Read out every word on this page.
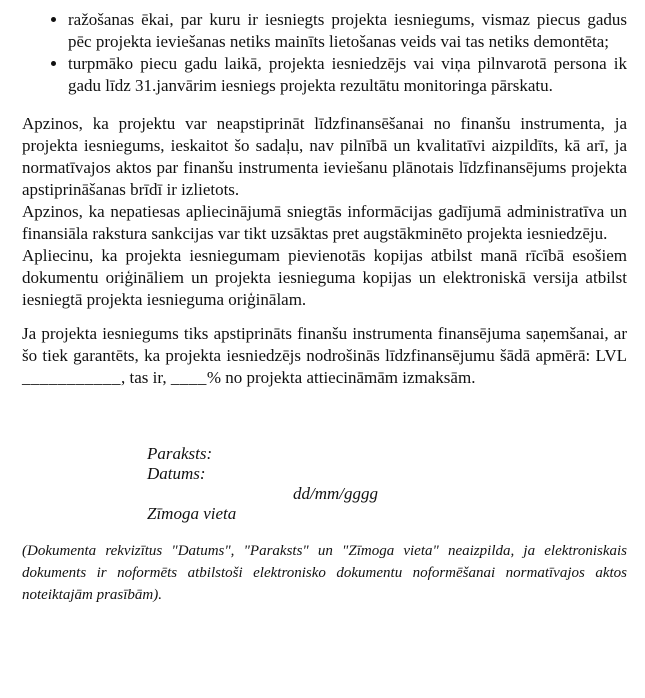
• ražošanas ēkai, par kuru ir iesniegts projekta iesniegums, vismaz piecus gadus pēc projekta ieviešanas netiks mainīts lietošanas veids vai tas netiks demontēta;
• turpmāko piecu gadu laikā, projekta iesniedzējs vai viņa pilnvarotā persona ik gadu līdz 31.janvārim iesniegs projekta rezultātu monitoringa pārskatu.

Apzinos, ka projektu var neapstiprināt līdzfinansēšanai no finanšu instrumenta, ja projekta iesniegums, ieskaitot šo sadaļu, nav pilnībā un kvalitatīvi aizpildīts, kā arī, ja normatīvajos aktos par finanšu instrumenta ieviešanu plānotais līdzfinansējums projekta apstiprināšanas brīdī ir izlietots.

Apzinos, ka nepatiesas apliecinājumā sniegtās informācijas gadījumā administratīva un finansiāla rakstura sankcijas var tikt uzsāktas pret augstākminēto projekta iesniedzēju.

Apliecinu, ka projekta iesniegumam pievienotās kopijas atbilst manā rīcībā esošiem dokumentu oriģināliem un projekta iesnieguma kopijas un elektroniskā versija atbilst iesniegtā projekta iesnieguma oriģinālam.

Ja projekta iesniegums tiks apstiprināts finanšu instrumenta finansējuma saņemšanai, ar šo tiek garantēts, ka projekta iesniedzējs nodrošinās līdzfinansējumu šādā apmērā: LVL ___________, tas ir, ____% no projekta attiecināmām izmaksām.

Paraksts:
Datums:
dd/mm/gggg
Zīmoga vieta

(Dokumenta rekvizītus "Datums", "Paraksts" un "Zīmoga vieta" neaizpilda, ja elektroniskais dokuments ir noformēts atbilstoši elektronisko dokumentu noformēšanai normatīvajos aktos noteiktajām prasībām).
